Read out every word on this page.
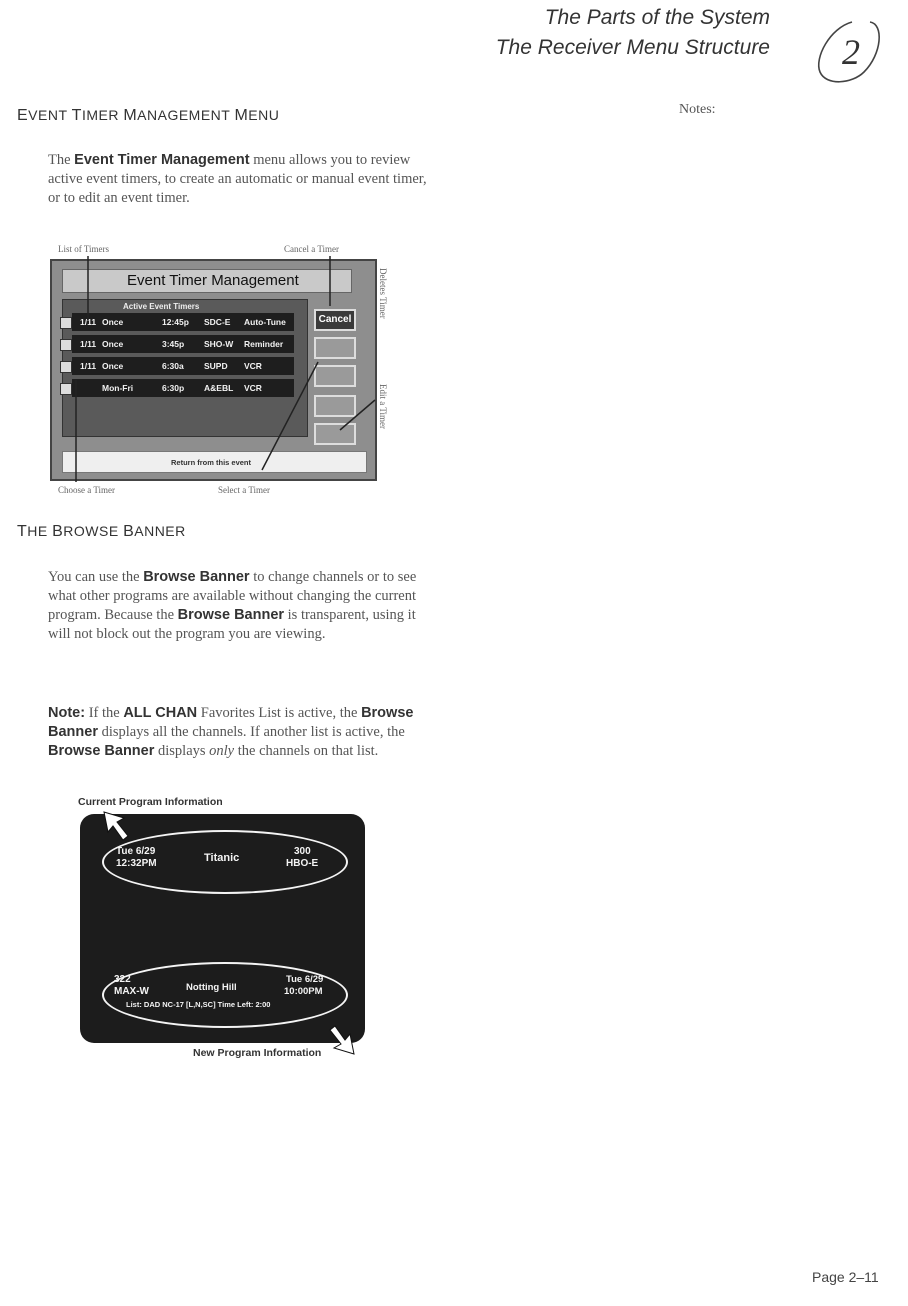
The Parts of the System
The Receiver Menu Structure 2
Notes:
EVENT TIMER MANAGEMENT MENU
The Event Timer Management menu allows you to review active event timers, to create an automatic or manual event timer, or to edit an event timer.
List of Timers	Cancel a Timer
Deletes Timer
Edit a Timer
Choose a Timer	Select a Timer
Event Timer Management
Active Event Timers
1/11 Once	12:45p SDC-E Auto-Tune
1/11 Once	3:45p SHO-W Reminder
1/11 Once	6:30a SUPD VCR
Mon-Fri	6:30p A&EBL VCR
Cancel
Return from this event
THE BROWSE BANNER
You can use the Browse Banner to change channels or to see what other programs are available without changing the current program. Because the Browse Banner is transparent, using it will not block out the program you are viewing.
Note: If the ALL CHAN Favorites List is active, the Browse Banner displays all the channels. If another list is active, the Browse Banner displays only the channels on that list.
Current Program Information
Tue 6/29
12:32PM	Titanic
300
HBO-E
322
MAX-W	Notting Hill
Tue 6/29
10:00PM
List: DAD NC-17 [L,N,SC] Time Left: 2:00
New Program Information
Page 2–11
